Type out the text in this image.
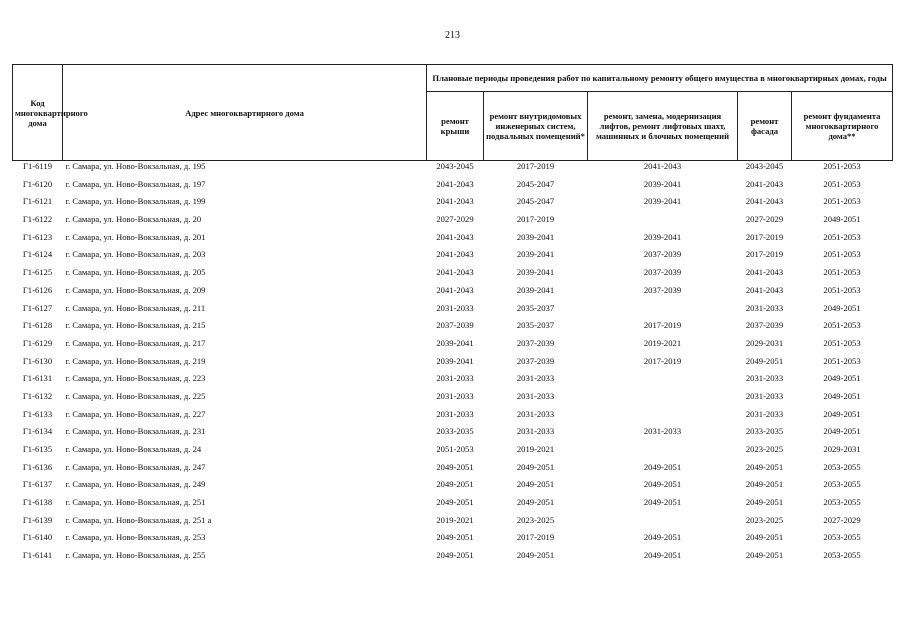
213
Код многоквартирного дома	Адрес многоквартирного дома	Плановые периоды проведения работ по капитальному ремонту общего имущества в многоквартирных домах, годы				
		ремонт крыши	ремонт внутридомовых инженерных систем, подвальных помещений*	ремонт, замена, модернизация лифтов, ремонт лифтовых шахт, машинных и блочных помещений	ремонт фасада	ремонт фундамента многоквартирного дома**
Г1-6119	г. Самара, ул. Ново-Вокзальная, д. 195	2043-2045	2017-2019	2041-2043	2043-2045	2051-2053
Г1-6120	г. Самара, ул. Ново-Вокзальная, д. 197	2041-2043	2045-2047	2039-2041	2041-2043	2051-2053
Г1-6121	г. Самара, ул. Ново-Вокзальная, д. 199	2041-2043	2045-2047	2039-2041	2041-2043	2051-2053
Г1-6122	г. Самара, ул. Ново-Вокзальная, д. 20	2027-2029	2017-2019		2027-2029	2049-2051
Г1-6123	г. Самара, ул. Ново-Вокзальная, д. 201	2041-2043	2039-2041	2039-2041	2017-2019	2051-2053
Г1-6124	г. Самара, ул. Ново-Вокзальная, д. 203	2041-2043	2039-2041	2037-2039	2017-2019	2051-2053
Г1-6125	г. Самара, ул. Ново-Вокзальная, д. 205	2041-2043	2039-2041	2037-2039	2041-2043	2051-2053
Г1-6126	г. Самара, ул. Ново-Вокзальная, д. 209	2041-2043	2039-2041	2037-2039	2041-2043	2051-2053
Г1-6127	г. Самара, ул. Ново-Вокзальная, д. 211	2031-2033	2035-2037		2031-2033	2049-2051
Г1-6128	г. Самара, ул. Ново-Вокзальная, д. 215	2037-2039	2035-2037	2017-2019	2037-2039	2051-2053
Г1-6129	г. Самара, ул. Ново-Вокзальная, д. 217	2039-2041	2037-2039	2019-2021	2029-2031	2051-2053
Г1-6130	г. Самара, ул. Ново-Вокзальная, д. 219	2039-2041	2037-2039	2017-2019	2049-2051	2051-2053
Г1-6131	г. Самара, ул. Ново-Вокзальная, д. 223	2031-2033	2031-2033		2031-2033	2049-2051
Г1-6132	г. Самара, ул. Ново-Вокзальная, д. 225	2031-2033	2031-2033		2031-2033	2049-2051
Г1-6133	г. Самара, ул. Ново-Вокзальная, д. 227	2031-2033	2031-2033		2031-2033	2049-2051
Г1-6134	г. Самара, ул. Ново-Вокзальная, д. 231	2033-2035	2031-2033	2031-2033	2033-2035	2049-2051
Г1-6135	г. Самара, ул. Ново-Вокзальная, д. 24	2051-2053	2019-2021		2023-2025	2029-2031
Г1-6136	г. Самара, ул. Ново-Вокзальная, д. 247	2049-2051	2049-2051	2049-2051	2049-2051	2053-2055
Г1-6137	г. Самара, ул. Ново-Вокзальная, д. 249	2049-2051	2049-2051	2049-2051	2049-2051	2053-2055
Г1-6138	г. Самара, ул. Ново-Вокзальная, д. 251	2049-2051	2049-2051	2049-2051	2049-2051	2053-2055
Г1-6139	г. Самара, ул. Ново-Вокзальная, д. 251 а	2019-2021	2023-2025		2023-2025	2027-2029
Г1-6140	г. Самара, ул. Ново-Вокзальная, д. 253	2049-2051	2017-2019	2049-2051	2049-2051	2053-2055
Г1-6141	г. Самара, ул. Ново-Вокзальная, д. 255	2049-2051	2049-2051	2049-2051	2049-2051	2053-2055
